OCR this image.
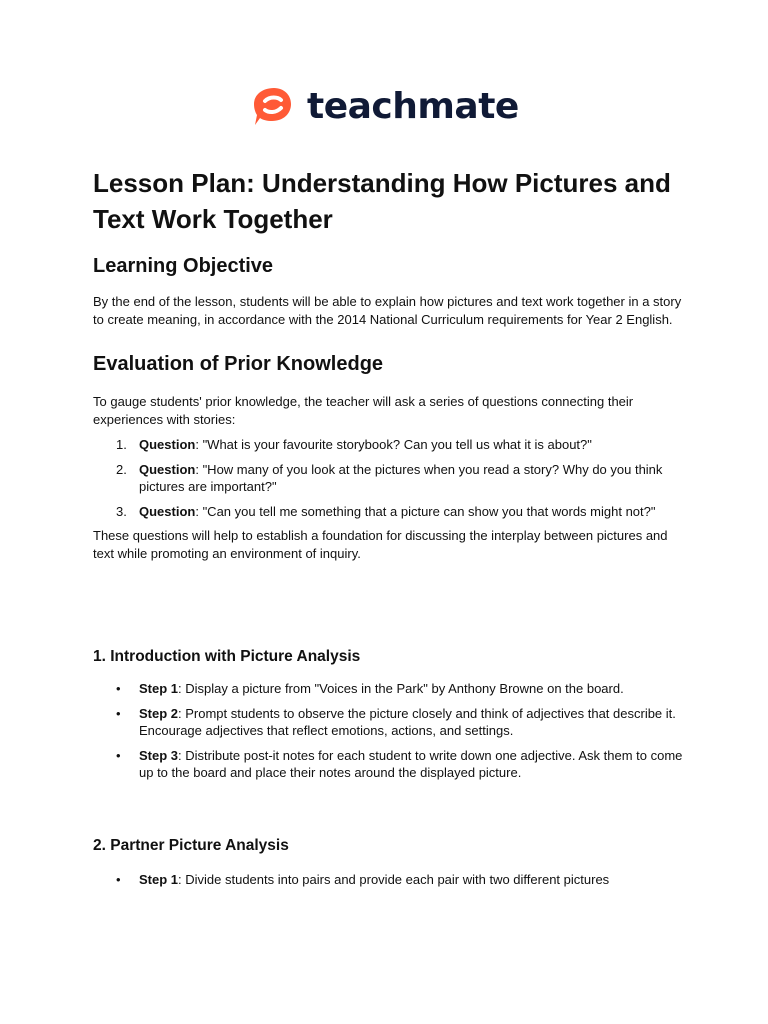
teachmate
Lesson Plan: Understanding How Pictures and Text Work Together
Learning Objective

By the end of the lesson, students will be able to explain how pictures and text work together in a story to create meaning, in accordance with the 2014 National Curriculum requirements for Year 2 English.

Evaluation of Prior Knowledge

To gauge students' prior knowledge, the teacher will ask a series of questions connecting their experiences with stories:

1. Question: "What is your favourite storybook? Can you tell us what it is about?"
2. Question: "How many of you look at the pictures when you read a story? Why do you think pictures are important?"
3. Question: "Can you tell me something that a picture can show you that words might not?"

These questions will help to establish a foundation for discussing the interplay between pictures and text while promoting an environment of inquiry.

1. Introduction with Picture Analysis
• Step 1: Display a picture from "Voices in the Park" by Anthony Browne on the board.
• Step 2: Prompt students to observe the picture closely and think of adjectives that describe it. Encourage adjectives that reflect emotions, actions, and settings.
• Step 3: Distribute post-it notes for each student to write down one adjective. Ask them to come up to the board and place their notes around the displayed picture.
2. Partner Picture Analysis
• Step 1: Divide students into pairs and provide each pair with two different pictures
